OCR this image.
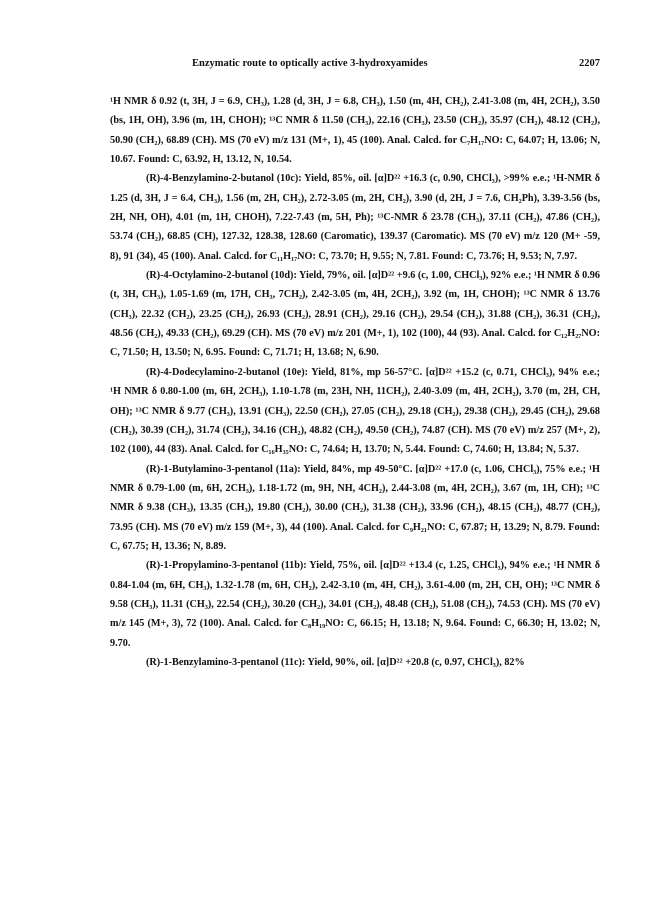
Enzymatic route to optically active 3-hydroxyamides	2207

¹H NMR δ 0.92 (t, 3H, J = 6.9, CH₃), 1.28 (d, 3H, J = 6.8, CH₃), 1.50 (m, 4H, CH₂), 2.41-3.08 (m, 4H, 2CH₂), 3.50 (bs, 1H, OH), 3.96 (m, 1H, CHOH); ¹³C NMR δ 11.50 (CH₃), 22.16 (CH₃), 23.50 (CH₂), 35.97 (CH₂), 48.12 (CH₂), 50.90 (CH₂), 68.89 (CH). MS (70 eV) m/z 131 (M+, 1), 45 (100). Anal. Calcd. for C₇H₁₇NO: C, 64.07; H, 13.06; N, 10.67. Found: C, 63.92, H, 13.12, N, 10.54.

(R)-4-Benzylamino-2-butanol (10c): Yield, 85%, oil. [α]D²² +16.3 (c, 0.90, CHCl₃), >99% e.e.; ¹H-NMR δ 1.25 (d, 3H, J = 6.4, CH₃), 1.56 (m, 2H, CH₂), 2.72-3.05 (m, 2H, CH₂), 3.90 (d, 2H, J = 7.6, CH₂Ph), 3.39-3.56 (bs, 2H, NH, OH), 4.01 (m, 1H, CHOH), 7.22-7.43 (m, 5H, Ph); ¹³C-NMR δ 23.78 (CH₃), 37.11 (CH₂), 47.86 (CH₂), 53.74 (CH₂), 68.85 (CH), 127.32, 128.38, 128.60 (Caromatic), 139.37 (Caromatic). MS (70 eV) m/z 120 (M+ -59, 8), 91 (34), 45 (100). Anal. Calcd. for C₁₁H₁₇NO: C, 73.70; H, 9.55; N, 7.81. Found: C, 73.76; H, 9.53; N, 7.97.

(R)-4-Octylamino-2-butanol (10d): Yield, 79%, oil. [α]D²² +9.6 (c, 1.00, CHCl₃), 92% e.e.; ¹H NMR δ 0.96 (t, 3H, CH₃), 1.05-1.69 (m, 17H, CH₃, 7CH₂), 2.42-3.05 (m, 4H, 2CH₂), 3.92 (m, 1H, CHOH); ¹³C NMR δ 13.76 (CH₃), 22.32 (CH₂), 23.25 (CH₂), 26.93 (CH₂), 28.91 (CH₂), 29.16 (CH₂), 29.54 (CH₂), 31.88 (CH₂), 36.31 (CH₂), 48.56 (CH₂), 49.33 (CH₂), 69.29 (CH). MS (70 eV) m/z 201 (M+, 1), 102 (100), 44 (93). Anal. Calcd. for C₁₂H₂₇NO: C, 71.50; H, 13.50; N, 6.95. Found: C, 71.71; H, 13.68; N, 6.90.

(R)-4-Dodecylamino-2-butanol (10e): Yield, 81%, mp 56-57°C. [α]D²² +15.2 (c, 0.71, CHCl₃), 94% e.e.; ¹H NMR δ 0.80-1.00 (m, 6H, 2CH₃), 1.10-1.78 (m, 23H, NH, 11CH₂), 2.40-3.09 (m, 4H, 2CH₂), 3.70 (m, 2H, CH, OH); ¹³C NMR δ 9.77 (CH₃), 13.91 (CH₃), 22.50 (CH₂), 27.05 (CH₂), 29.18 (CH₂), 29.38 (CH₂), 29.45 (CH₂), 29.68 (CH₂), 30.39 (CH₂), 31.74 (CH₂), 34.16 (CH₂), 48.82 (CH₂), 49.50 (CH₂), 74.87 (CH). MS (70 eV) m/z 257 (M+, 2), 102 (100), 44 (83). Anal. Calcd. for C₁₆H₃₅NO: C, 74.64; H, 13.70; N, 5.44. Found: C, 74.60; H, 13.84; N, 5.37.

(R)-1-Butylamino-3-pentanol (11a): Yield, 84%, mp 49-50°C. [α]D²² +17.0 (c, 1.06, CHCl₃), 75% e.e.; ¹H NMR δ 0.79-1.00 (m, 6H, 2CH₃), 1.18-1.72 (m, 9H, NH, 4CH₂), 2.44-3.08 (m, 4H, 2CH₂), 3.67 (m, 1H, CH); ¹³C NMR δ 9.38 (CH₃), 13.35 (CH₃), 19.80 (CH₂), 30.00 (CH₂), 31.38 (CH₂), 33.96 (CH₂), 48.15 (CH₂), 48.77 (CH₂), 73.95 (CH). MS (70 eV) m/z 159 (M+, 3), 44 (100). Anal. Calcd. for C₉H₂₁NO: C, 67.87; H, 13.29; N, 8.79. Found: C, 67.75; H, 13.36; N, 8.89.

(R)-1-Propylamino-3-pentanol (11b): Yield, 75%, oil. [α]D²² +13.4 (c, 1.25, CHCl₃), 94% e.e.; ¹H NMR δ 0.84-1.04 (m, 6H, CH₃), 1.32-1.78 (m, 6H, CH₂), 2.42-3.10 (m, 4H, CH₂), 3.61-4.00 (m, 2H, CH, OH); ¹³C NMR δ 9.58 (CH₃), 11.31 (CH₃), 22.54 (CH₂), 30.20 (CH₂), 34.01 (CH₂), 48.48 (CH₂), 51.08 (CH₂), 74.53 (CH). MS (70 eV) m/z 145 (M+, 3), 72 (100). Anal. Calcd. for C₈H₁₉NO: C, 66.15; H, 13.18; N, 9.64. Found: C, 66.30; H, 13.02; N, 9.70.

(R)-1-Benzylamino-3-pentanol (11c): Yield, 90%, oil. [α]D²² +20.8 (c, 0.97, CHCl₃), 82%
